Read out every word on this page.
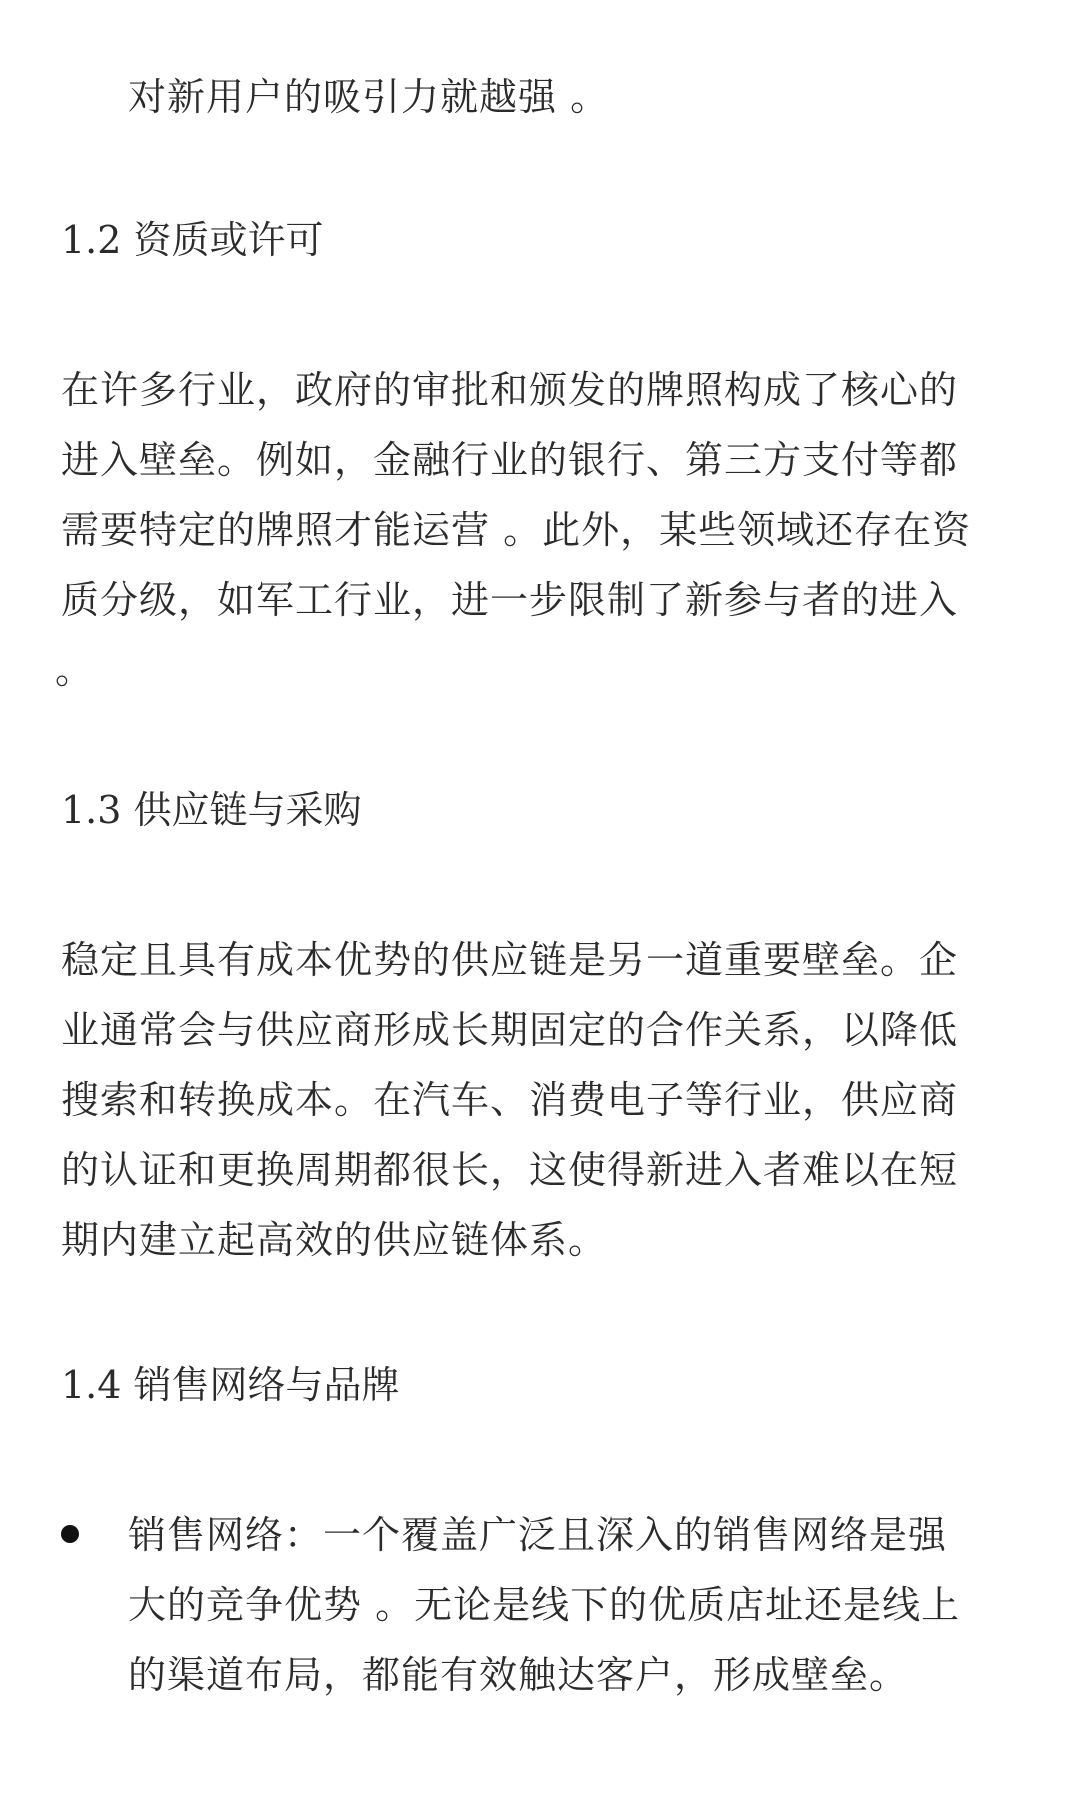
对新用户的吸引力就越强 。
1.2 资质或许可
在许多行业，政府的审批和颁发的牌照构成了核心的
进入壁垒。例如，金融行业的银行、第三方支付等都
需要特定的牌照才能运营 。此外，某些领域还存在资
质分级，如军工行业，进一步限制了新参与者的进入
。
1.3 供应链与采购
稳定且具有成本优势的供应链是另一道重要壁垒。企
业通常会与供应商形成长期固定的合作关系，以降低
搜索和转换成本。在汽车、消费电子等行业，供应商
的认证和更换周期都很长，这使得新进入者难以在短
期内建立起高效的供应链体系。
1.4 销售网络与品牌
销售网络：一个覆盖广泛且深入的销售网络是强
大的竞争优势 。无论是线下的优质店址还是线上
的渠道布局，都能有效触达客户，形成壁垒。
